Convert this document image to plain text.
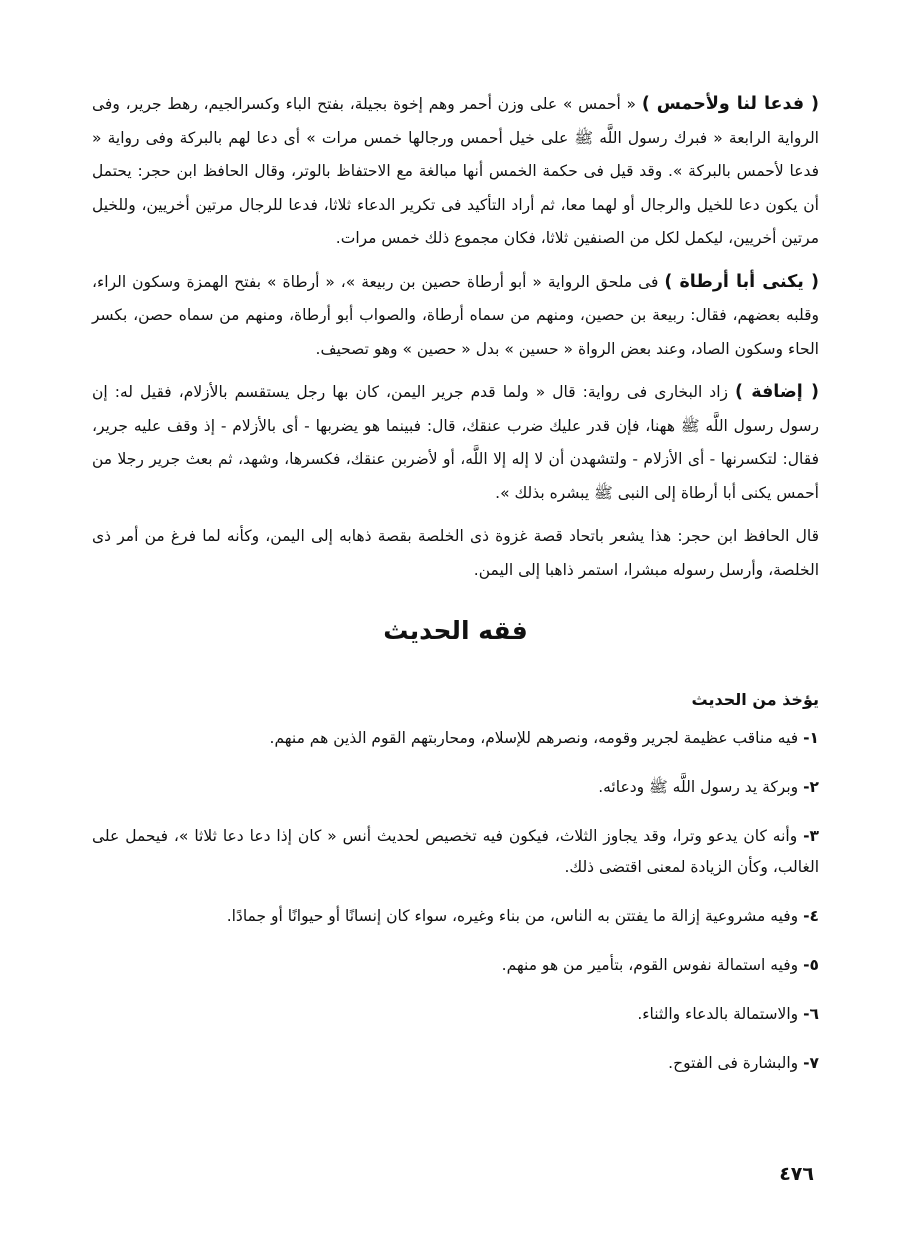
( فدعا لنا ولأحمس ) « أحمس » على وزن أحمر وهم إخوة بجيلة، بفتح الباء وكسرالجيم، رهط جرير، وفى الرواية الرابعة « فبرك رسول اللَّه ﷺ على خيل أحمس ورجالها خمس مرات » أى دعا لهم بالبركة وفى رواية « فدعا لأحمس بالبركة ». وقد قيل فى حكمة الخمس أنها مبالغة مع الاحتفاظ بالوتر، وقال الحافظ ابن حجر: يحتمل أن يكون دعا للخيل والرجال أو لهما معا، ثم أراد التأكيد فى تكرير الدعاء ثلاثا، فدعا للرجال مرتين أخريين، وللخيل مرتين أخريين، ليكمل لكل من الصنفين ثلاثا، فكان مجموع ذلك خمس مرات.

( يكنى أبا أرطاة ) فى ملحق الرواية « أبو أرطاة حصين بن ربيعة »، « أرطاة » بفتح الهمزة وسكون الراء، وقلبه بعضهم، فقال: ربيعة بن حصين، ومنهم من سماه أرطاة، والصواب أبو أرطاة، ومنهم من سماه حصن، بكسر الحاء وسكون الصاد، وعند بعض الرواة « حسين » بدل « حصين » وهو تصحيف.

( إضافة ) زاد البخارى فى رواية: قال « ولما قدم جرير اليمن، كان بها رجل يستقسم بالأزلام، فقيل له: إن رسول رسول اللَّه ﷺ ههنا، فإن قدر عليك ضرب عنقك، قال: فبينما هو يضربها - أى بالأزلام - إذ وقف عليه جرير، فقال: لتكسرنها - أى الأزلام - ولتشهدن أن لا إله إلا اللَّه، أو لأضربن عنقك، فكسرها، وشهد، ثم بعث جرير رجلا من أحمس يكنى أبا أرطاة إلى النبى ﷺ يبشره بذلك ».

قال الحافظ ابن حجر: هذا يشعر باتحاد قصة غزوة ذى الخلصة بقصة ذهابه إلى اليمن، وكأنه لما فرغ من أمر ذى الخلصة، وأرسل رسوله مبشرا، استمر ذاهبا إلى اليمن.

فقه الحديث
يؤخذ من الحديث
١- فيه مناقب عظيمة لجرير وقومه، ونصرهم للإسلام، ومحاربتهم القوم الذين هم منهم.
٢- وبركة يد رسول اللَّه ﷺ ودعائه.
٣- وأنه كان يدعو وترا، وقد يجاوز الثلاث، فيكون فيه تخصيص لحديث أنس « كان إذا دعا دعا ثلاثا »، فيحمل على الغالب، وكأن الزيادة لمعنى اقتضى ذلك.
٤- وفيه مشروعية إزالة ما يفتتن به الناس، من بناء وغيره، سواء كان إنسانًا أو حيوانًا أو جمادًا.
٥- وفيه استمالة نفوس القوم، بتأمير من هو منهم.
٦- والاستمالة بالدعاء والثناء.
٧- والبشارة فى الفتوح.
٤٧٦
